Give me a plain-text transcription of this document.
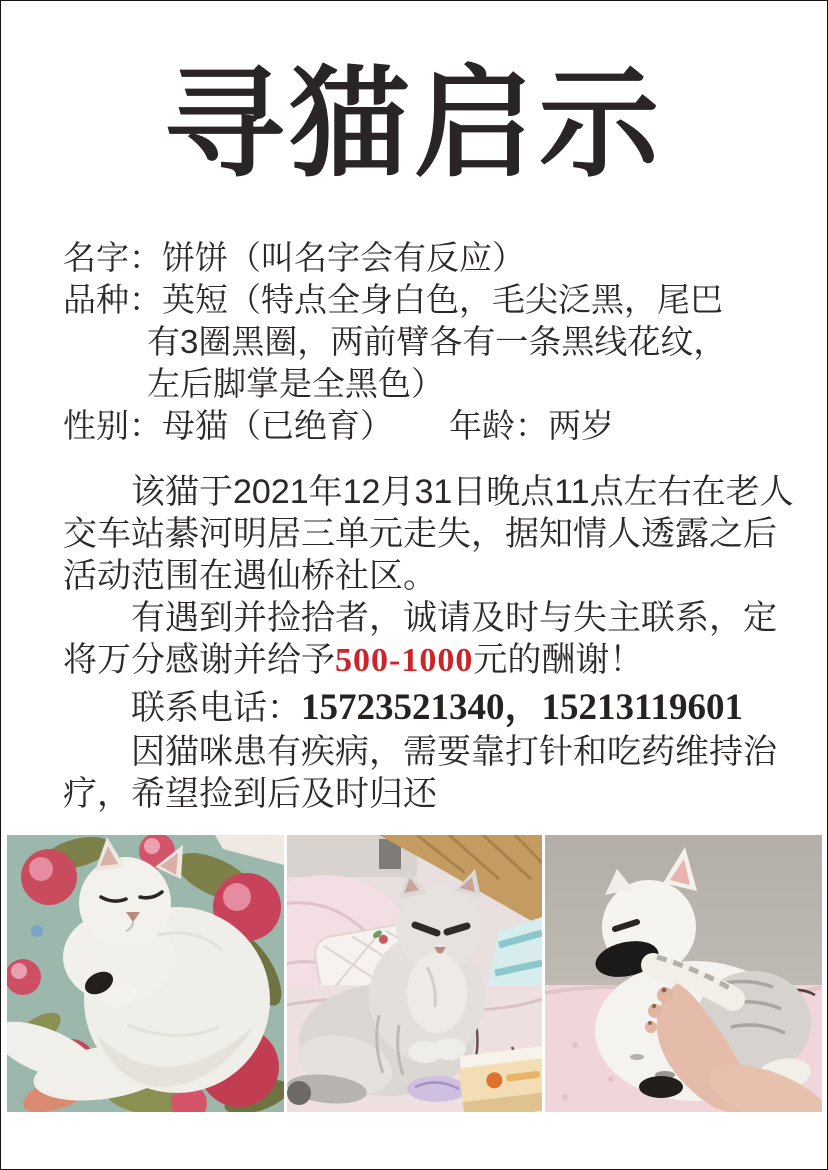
寻猫启示
名字：饼饼（叫名字会有反应）
品种：英短（特点全身白色，毛尖泛黑，尾巴
有3圈黑圈，两前臂各有一条黑线花纹，
左后脚掌是全黑色）
性别：母猫（已绝育） 年龄：两岁
该猫于2021年12月31日晚点11点左右在老人
交车站綦河明居三单元走失，据知情人透露之后
活动范围在遇仙桥社区。
有遇到并捡拾者，诚请及时与失主联系，定
将万分感谢并给予500-1000元的酬谢！
联系电话：15723521340，15213119601
因猫咪患有疾病，需要靠打针和吃药维持治
疗，希望捡到后及时归还
